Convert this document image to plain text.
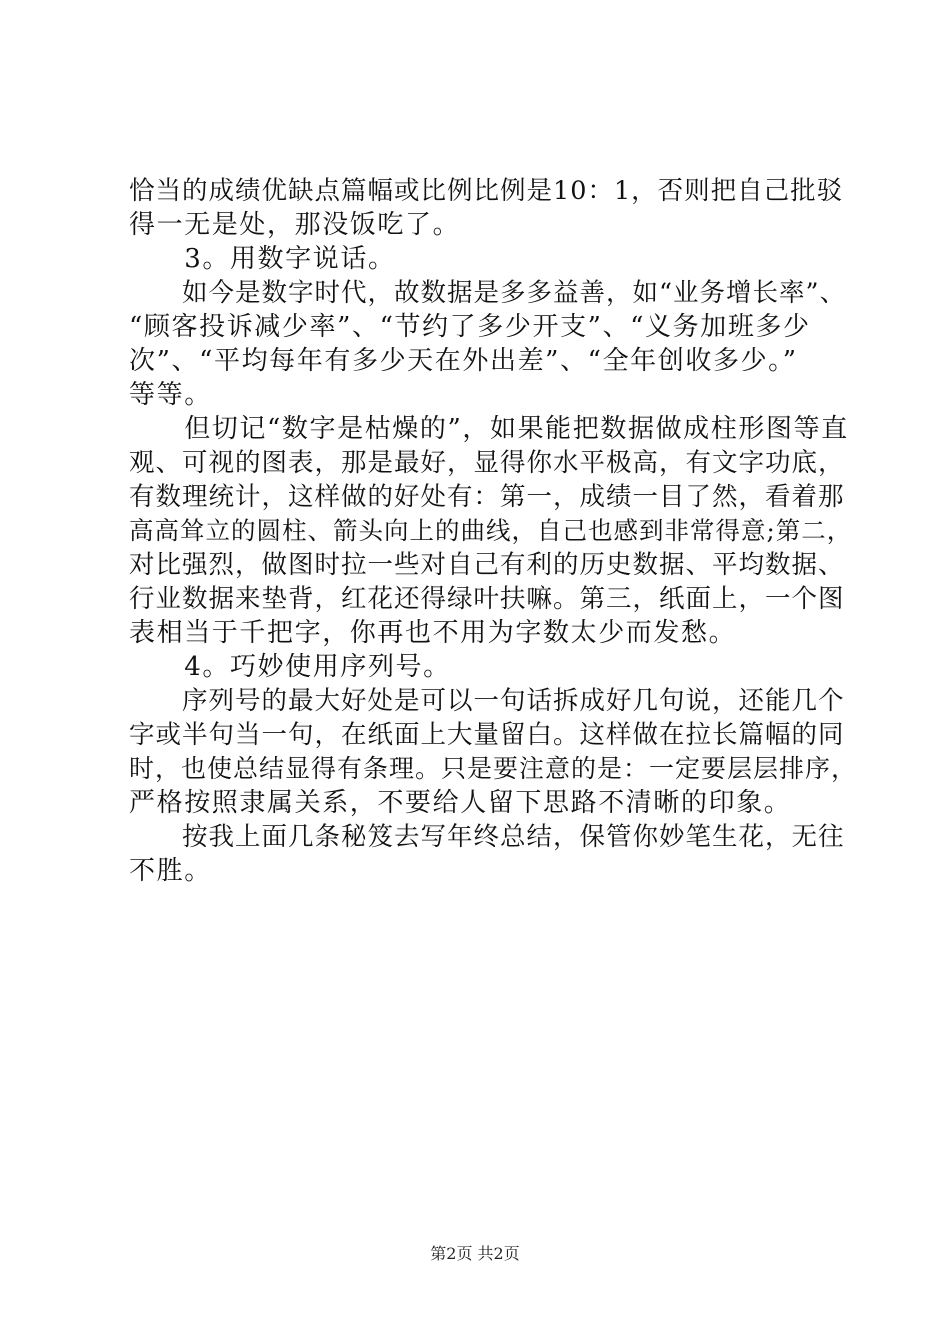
恰当的成绩优缺点篇幅或比例比例是10：1，否则把自己批驳
得一无是处，那没饭吃了。
　　3。用数字说话。
　　如今是数字时代，故数据是多多益善，如“业务增长率”、
“顾客投诉减少率”、“节约了多少开支”、“义务加班多少
次”、“平均每年有多少天在外出差”、“全年创收多少。”
等等。
　　但切记“数字是枯燥的”，如果能把数据做成柱形图等直
观、可视的图表，那是最好，显得你水平极高，有文字功底，
有数理统计，这样做的好处有：第一，成绩一目了然，看着那
高高耸立的圆柱、箭头向上的曲线，自己也感到非常得意;第二，
对比强烈，做图时拉一些对自己有利的历史数据、平均数据、
行业数据来垫背，红花还得绿叶扶嘛。第三，纸面上，一个图
表相当于千把字，你再也不用为字数太少而发愁。
　　4。巧妙使用序列号。
　　序列号的最大好处是可以一句话拆成好几句说，还能几个
字或半句当一句，在纸面上大量留白。这样做在拉长篇幅的同
时，也使总结显得有条理。只是要注意的是：一定要层层排序，
严格按照隶属关系，不要给人留下思路不清晰的印象。
　　按我上面几条秘笈去写年终总结，保管你妙笔生花，无往
不胜。
第2页 共2页
